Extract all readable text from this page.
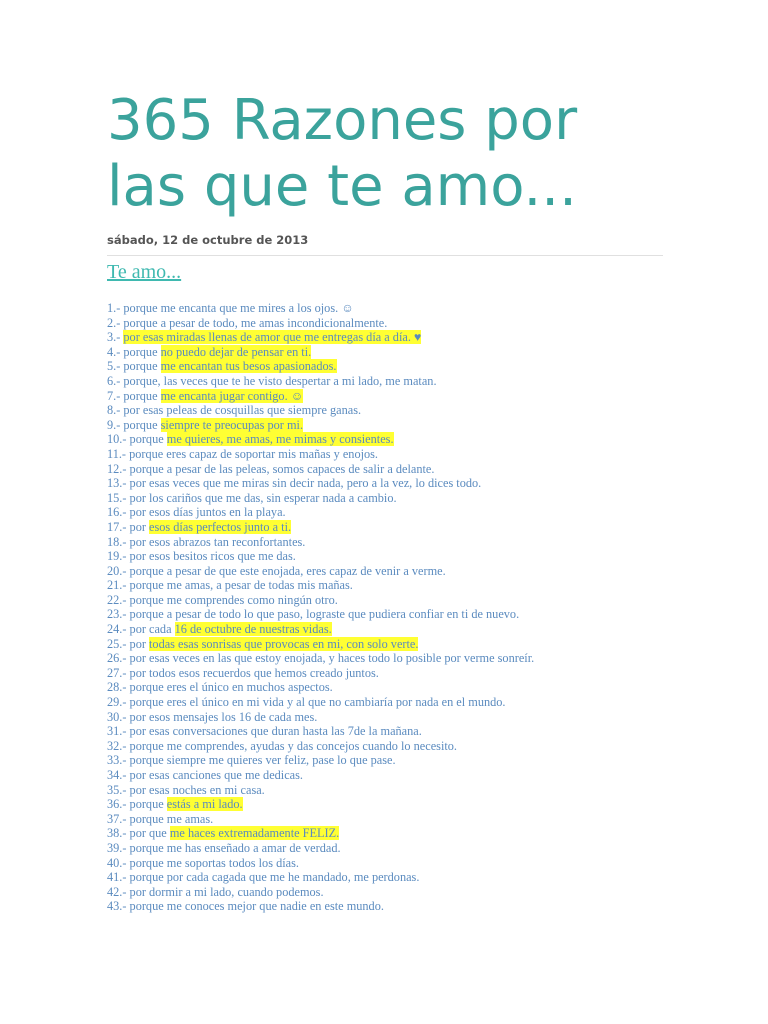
365 Razones por las que te amo...
sábado, 12 de octubre de 2013
Te amo...
1.- porque me encanta que me mires a los ojos. ☺
2.- porque a pesar de todo, me amas incondicionalmente.
3.- por esas miradas llenas de amor que me entregas día a día. ♥
4.- porque no puedo dejar de pensar en ti.
5.- porque me encantan tus besos apasionados.
6.- porque, las veces que te he visto despertar a mi lado, me matan.
7.- porque me encanta jugar contigo. ☺
8.- por esas peleas de cosquillas que siempre ganas.
9.- porque siempre te preocupas por mi.
10.- porque me quieres, me amas, me mimas y consientes.
11.- porque eres capaz de soportar mis mañas y enojos.
12.- porque a pesar de las peleas, somos capaces de salir a delante.
13.- por esas veces que me miras sin decir nada, pero a la vez, lo dices todo.
15.- por los cariños que me das, sin esperar nada a cambio.
16.- por esos días juntos en la playa.
17.- por esos días perfectos junto a ti.
18.- por esos abrazos tan reconfortantes.
19.- por esos besitos ricos que me das.
20.- porque a pesar de que este enojada, eres capaz de venir a verme.
21.- porque me amas, a pesar de todas mis mañas.
22.- porque me comprendes como ningún otro.
23.- porque a pesar de todo lo que paso, lograste que pudiera confiar en ti de nuevo.
24.- por cada 16 de octubre de nuestras vidas.
25.- por todas esas sonrisas que provocas en mi, con solo verte.
26.- por esas veces en las que estoy enojada, y haces todo lo posible por verme sonreír.
27.- por todos esos recuerdos que hemos creado juntos.
28.- porque eres el único en muchos aspectos.
29.- porque eres el único en mi vida y al que no cambiaría por nada en el mundo.
30.- por esos mensajes los 16 de cada mes.
31.- por esas conversaciones que duran hasta las 7de la mañana.
32.- porque me comprendes, ayudas y das concejos cuando lo necesito.
33.- porque siempre me quieres ver feliz, pase lo que pase.
34.- por esas canciones que me dedicas.
35.- por esas noches en mi casa.
36.- porque estás a mi lado.
37.- porque me amas.
38.- por que me haces extremadamente FELIZ.
39.- porque me has enseñado a amar de verdad.
40.- porque me soportas todos los días.
41.- porque por cada cagada que me he mandado, me perdonas.
42.- por dormir a mi lado, cuando podemos.
43.- porque me conoces mejor que nadie en este mundo.
